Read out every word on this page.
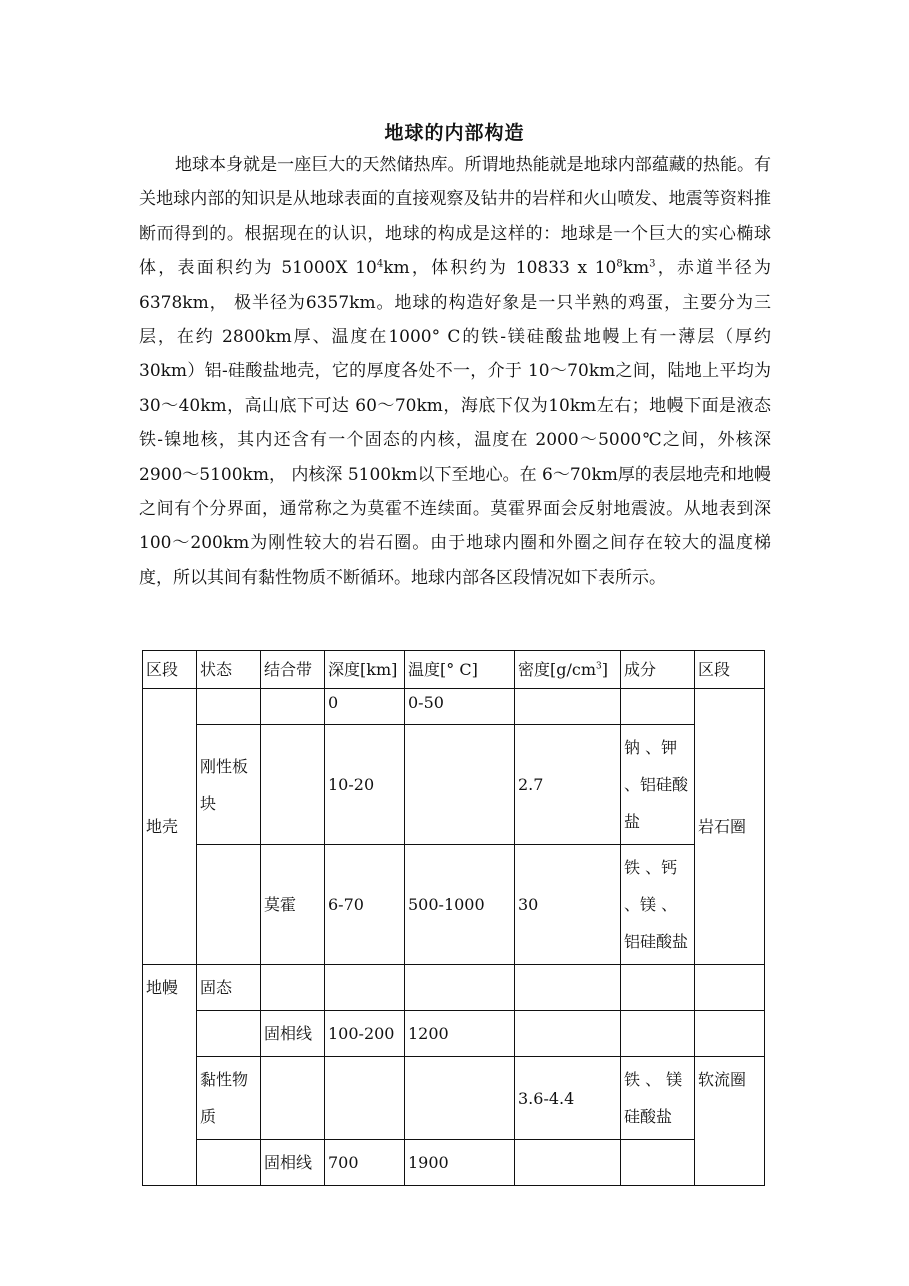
地球的内部构造

地球本身就是一座巨大的天然储热库。所谓地热能就是地球内部蕴藏的热能。有关地球内部的知识是从地球表面的直接观察及钻井的岩样和火山喷发、地震等资料推断而得到的。根据现在的认识，地球的构成是这样的：地球是一个巨大的实心椭球体，表面积约为 51000X $10^4km$，体积约为 10833 x $10^8km^3$，赤道半径为6378km， 极半径为6357km。地球的构造好象是一只半熟的鸡蛋，主要分为三层，在约 2800km厚、温度在1000° C的铁-镁硅酸盐地幔上有一薄层（厚约 30km）铝-硅酸盐地壳，它的厚度各处不一，介于 10～70km之间，陆地上平均为30～40km，高山底下可达 60～70km，海底下仅为10km左右；地幔下面是液态铁-镍地核，其内还含有一个固态的内核，温度在 2000～5000℃之间，外核深 2900～5100km， 内核深 5100km以下至地心。在 6～70km厚的表层地壳和地幔之间有个分界面，通常称之为莫霍不连续面。莫霍界面会反射地震波。从地表到深 100～200km为刚性较大的岩石圈。由于地球内圈和外圈之间存在较大的温度梯度，所以其间有黏性物质不断循环。地球内部各区段情况如下表所示。

区段	状态	结合带	深度[km]	温度[° C]	密度$[g/cm^3]$	成分	区段
地壳			0	0-50			岩石圈
	刚性板块		10-20		2.7	钠 、钾 、铝硅酸盐	
		莫霍	6-70	500-1000	30	铁 、钙 、镁 、铝硅酸盐	
地幔	固态						
		固相线	100-200	1200			
	黏性物质				3.6-4.4	铁 、 镁硅酸盐	软流圈
		固相线	700	1900			
